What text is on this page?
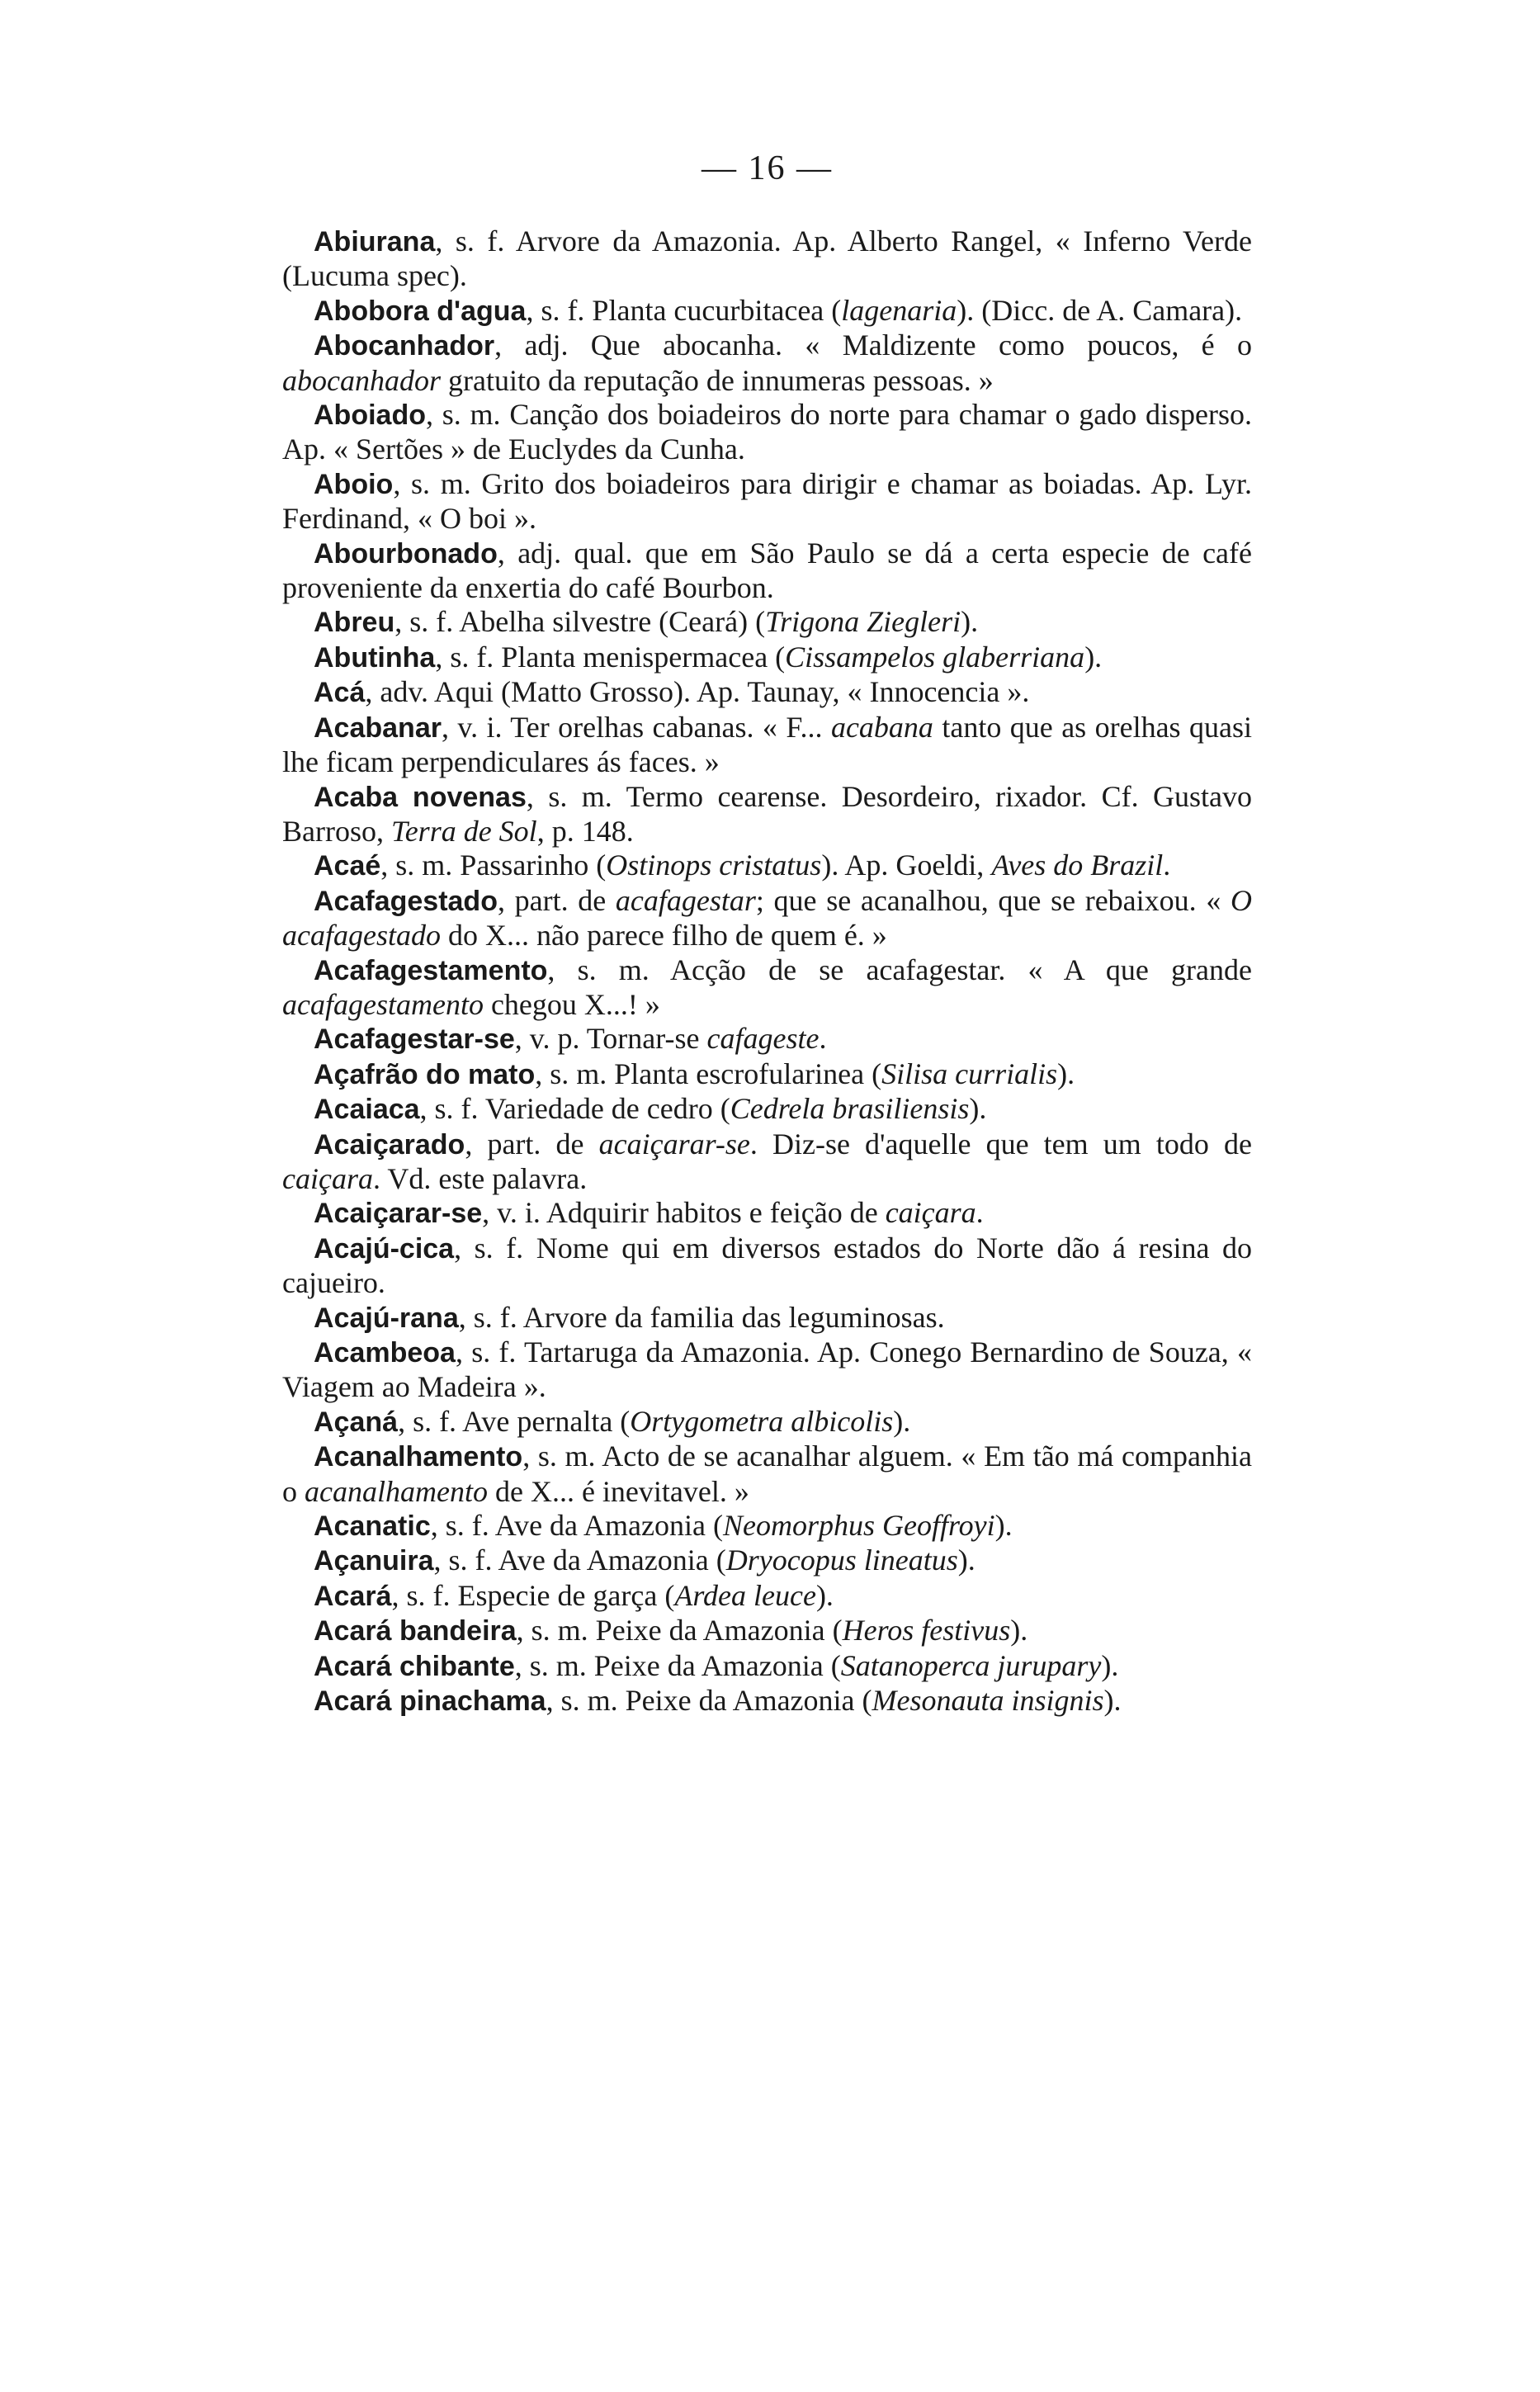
— 16 —

Abiurana, s. f. Arvore da Amazonia. Ap. Alberto Rangel, « Inferno Verde (Lucuma spec).

Abobora d'agua, s. f. Planta cucurbitacea (lagenaria). (Dicc. de A. Camara).

Abocanhador, adj. Que abocanha. « Maldizente como poucos, é o abocanhador gratuito da reputação de innumeras pessoas. »

Aboiado, s. m. Canção dos boiadeiros do norte para chamar o gado disperso. Ap. « Sertões » de Euclydes da Cunha.

Aboio, s. m. Grito dos boiadeiros para dirigir e chamar as boiadas. Ap. Lyr. Ferdinand, « O boi ».

Abourbonado, adj. qual. que em São Paulo se dá a certa especie de café proveniente da enxertia do café Bourbon.

Abreu, s. f. Abelha silvestre (Ceará) (Trigona Ziegleri).

Abutinha, s. f. Planta menispermacea (Cissampelos glaberriana).

Acá, adv. Aqui (Matto Grosso). Ap. Taunay, « Innocencia ».

Acabanar, v. i. Ter orelhas cabanas. « F... acabana tanto que as orelhas quasi lhe ficam perpendiculares ás faces. »

Acaba novenas, s. m. Termo cearense. Desordeiro, rixador. Cf. Gustavo Barroso, Terra de Sol, p. 148.

Acaé, s. m. Passarinho (Ostinops cristatus). Ap. Goeldi, Aves do Brazil.

Acafagestado, part. de acafagestar; que se acanalhou, que se rebaixou. « O acafagestado do X... não parece filho de quem é. »

Acafagestamento, s. m. Acção de se acafagestar. « A que grande acafagestamento chegou X...! »

Acafagestar-se, v. p. Tornar-se cafageste.

Açafrão do mato, s. m. Planta escrofularinea (Silisa currialis).

Acaiaca, s. f. Variedade de cedro (Cedrela brasiliensis).

Acaiçarado, part. de acaiçarar-se. Diz-se d'aquelle que tem um todo de caiçara. Vd. este palavra.

Acaiçarar-se, v. i. Adquirir habitos e feição de caiçara.

Acajú-cica, s. f. Nome qui em diversos estados do Norte dão á resina do cajueiro.

Acajú-rana, s. f. Arvore da familia das leguminosas.

Acambeoa, s. f. Tartaruga da Amazonia. Ap. Conego Bernardino de Souza, « Viagem ao Madeira ».

Açaná, s. f. Ave pernalta (Ortygometra albicolis).

Acanalhamento, s. m. Acto de se acanalhar alguem. « Em tão má companhia o acanalhamento de X... é inevitavel. »

Acanatic, s. f. Ave da Amazonia (Neomorphus Geoffroyi).

Açanuira, s. f. Ave da Amazonia (Dryocopus lineatus).

Acará, s. f. Especie de garça (Ardea leuce).

Acará bandeira, s. m. Peixe da Amazonia (Heros festivus).

Acará chibante, s. m. Peixe da Amazonia (Satanoperca jurupary).

Acará pinachama, s. m. Peixe da Amazonia (Mesonauta insignis).
